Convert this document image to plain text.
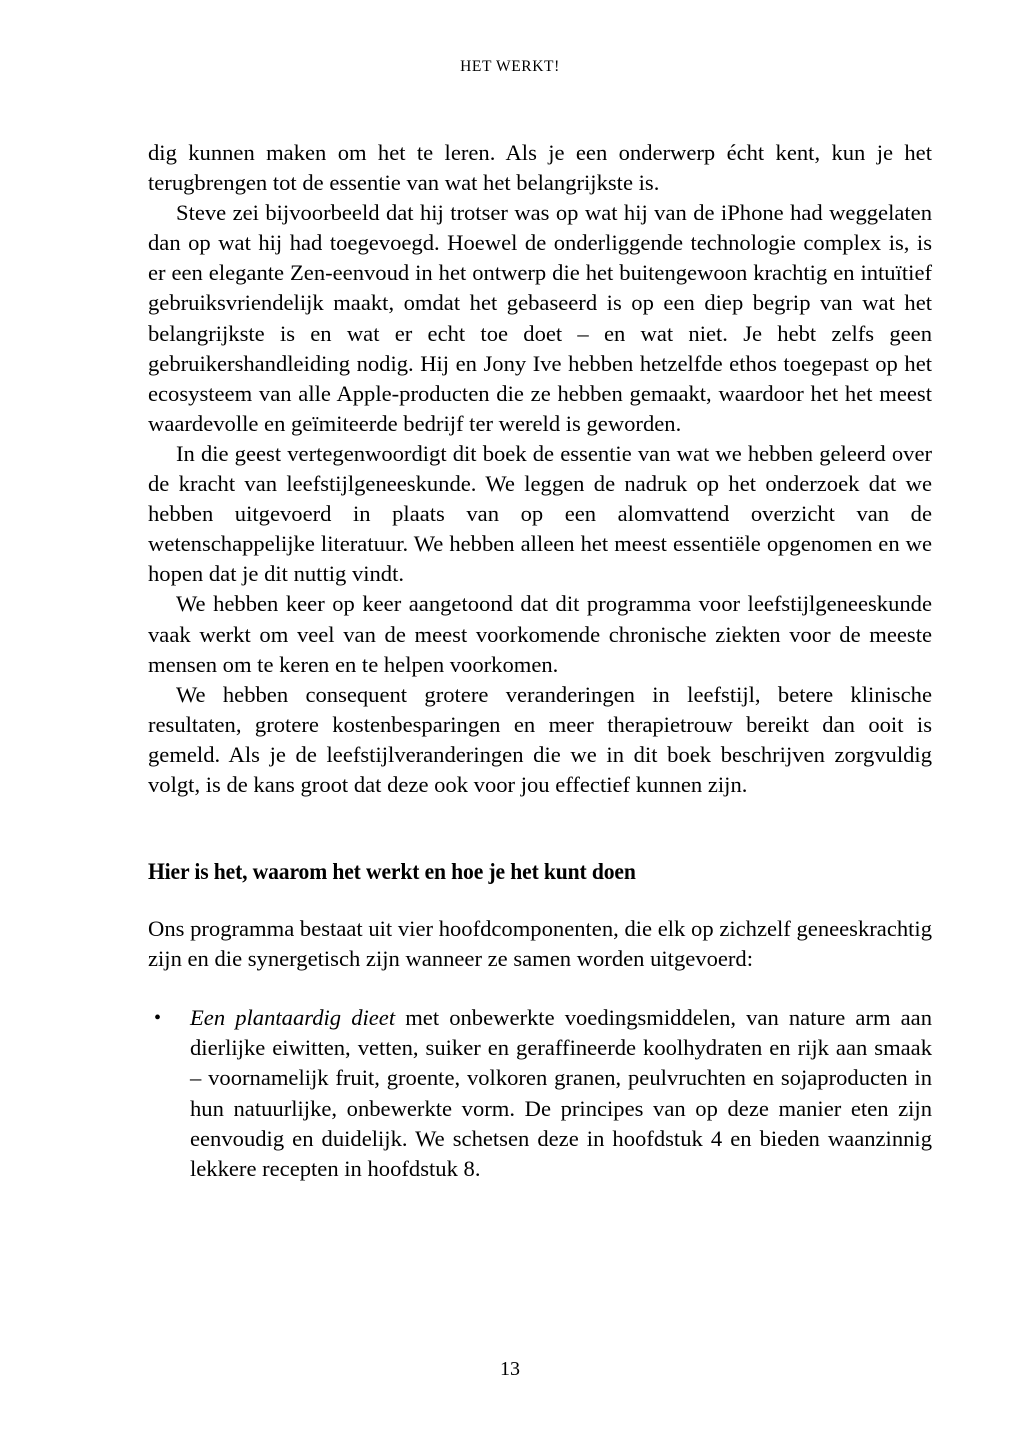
HET WERKT!

dig kunnen maken om het te leren. Als je een onderwerp écht kent, kun je het terugbrengen tot de essentie van wat het belangrijkste is.

Steve zei bijvoorbeeld dat hij trotser was op wat hij van de iPhone had weggelaten dan op wat hij had toegevoegd. Hoewel de onderliggende technologie complex is, is er een elegante Zen-eenvoud in het ontwerp die het buitengewoon krachtig en intuïtief gebruiksvriendelijk maakt, omdat het gebaseerd is op een diep begrip van wat het belangrijkste is en wat er echt toe doet – en wat niet. Je hebt zelfs geen gebruikershandleiding nodig. Hij en Jony Ive hebben hetzelfde ethos toegepast op het ecosysteem van alle Apple-producten die ze hebben gemaakt, waardoor het het meest waardevolle en geïmiteerde bedrijf ter wereld is geworden.

In die geest vertegenwoordigt dit boek de essentie van wat we hebben geleerd over de kracht van leefstijlgeneeskunde. We leggen de nadruk op het onderzoek dat we hebben uitgevoerd in plaats van op een alomvattend overzicht van de wetenschappelijke literatuur. We hebben alleen het meest essentiële opgenomen en we hopen dat je dit nuttig vindt.

We hebben keer op keer aangetoond dat dit programma voor leefstijlgeneeskunde vaak werkt om veel van de meest voorkomende chronische ziekten voor de meeste mensen om te keren en te helpen voorkomen.

We hebben consequent grotere veranderingen in leefstijl, betere klinische resultaten, grotere kostenbesparingen en meer therapietrouw bereikt dan ooit is gemeld. Als je de leefstijlveranderingen die we in dit boek beschrijven zorgvuldig volgt, is de kans groot dat deze ook voor jou effectief kunnen zijn.

Hier is het, waarom het werkt en hoe je het kunt doen

Ons programma bestaat uit vier hoofdcomponenten, die elk op zichzelf geneeskrachtig zijn en die synergetisch zijn wanneer ze samen worden uitgevoerd:

• Een plantaardig dieet met onbewerkte voedingsmiddelen, van nature arm aan dierlijke eiwitten, vetten, suiker en geraffineerde koolhydraten en rijk aan smaak – voornamelijk fruit, groente, volkoren granen, peulvruchten en sojaproducten in hun natuurlijke, onbewerkte vorm. De principes van op deze manier eten zijn eenvoudig en duidelijk. We schetsen deze in hoofdstuk 4 en bieden waanzinnig lekkere recepten in hoofdstuk 8.
13
